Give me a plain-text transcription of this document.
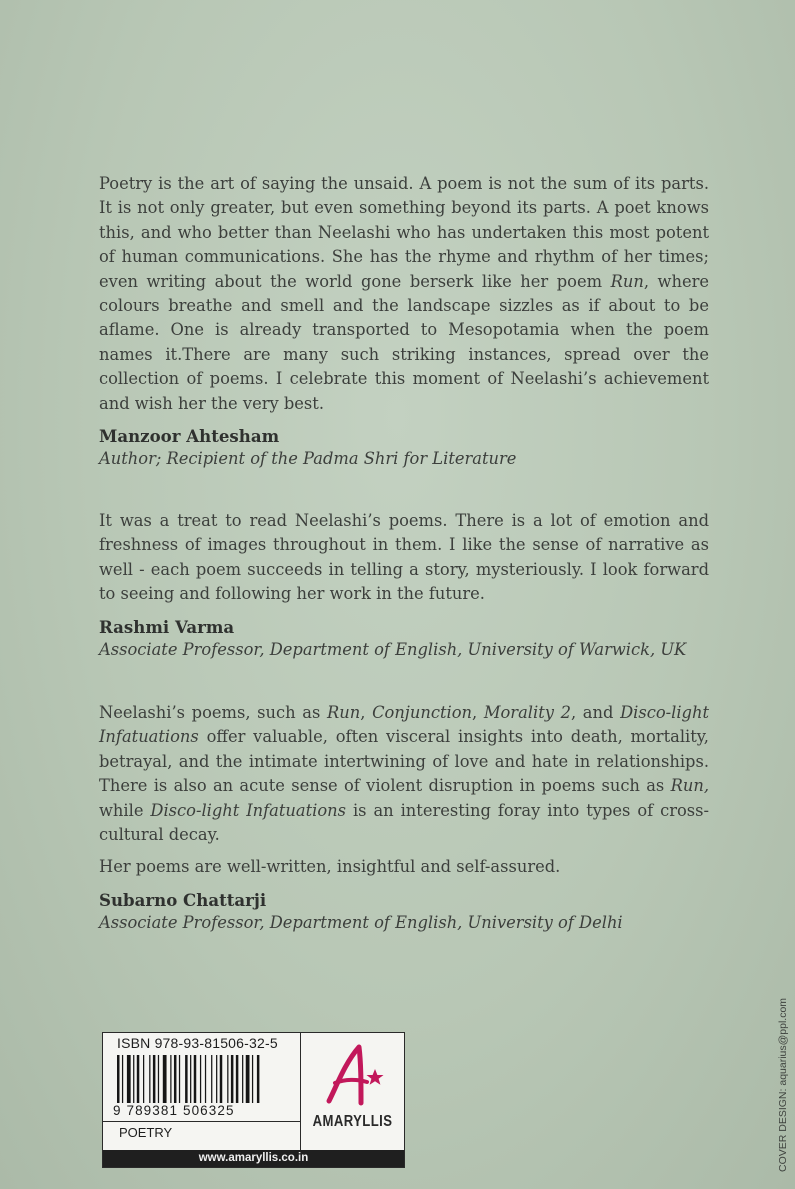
Poetry is the art of saying the unsaid. A poem is not the sum of its parts. It is not only greater, but even something beyond its parts. A poet knows this, and who better than Neelashi who has undertaken this most potent of human communications. She has the rhyme and rhythm of her times; even writing about the world gone berserk like her poem Run, where colours breathe and smell and the landscape sizzles as if about to be aflame. One is already transported to Mesopotamia when the poem names it.There are many such striking instances, spread over the collection of poems. I celebrate this moment of Neelashi’s achievement and wish her the very best.

Manzoor Ahtesham

Author; Recipient of the Padma Shri for Literature

It was a treat to read Neelashi’s poems. There is a lot of emotion and freshness of images throughout in them. I like the sense of narrative as well - each poem succeeds in telling a story, mysteriously. I look forward to seeing and following her work in the future.

Rashmi Varma

Associate Professor, Department of English, University of Warwick, UK

Neelashi’s poems, such as Run, Conjunction, Morality 2, and Disco-light Infatuations offer valuable, often visceral insights into death, mortality, betrayal, and the intimate intertwining of love and hate in relationships. There is also an acute sense of violent disruption in poems such as Run, while Disco-light Infatuations is an interesting foray into types of cross-cultural decay.

Her poems are well-written, insightful and self-assured.

Subarno Chattarji

Associate Professor, Department of English, University of Delhi

COVER DESIGN: aquarius@ppl.com
ISBN 978-93-81506-32-5
9 789381 506325
POETRY
AMARYLLIS
www.amaryllis.co.in
